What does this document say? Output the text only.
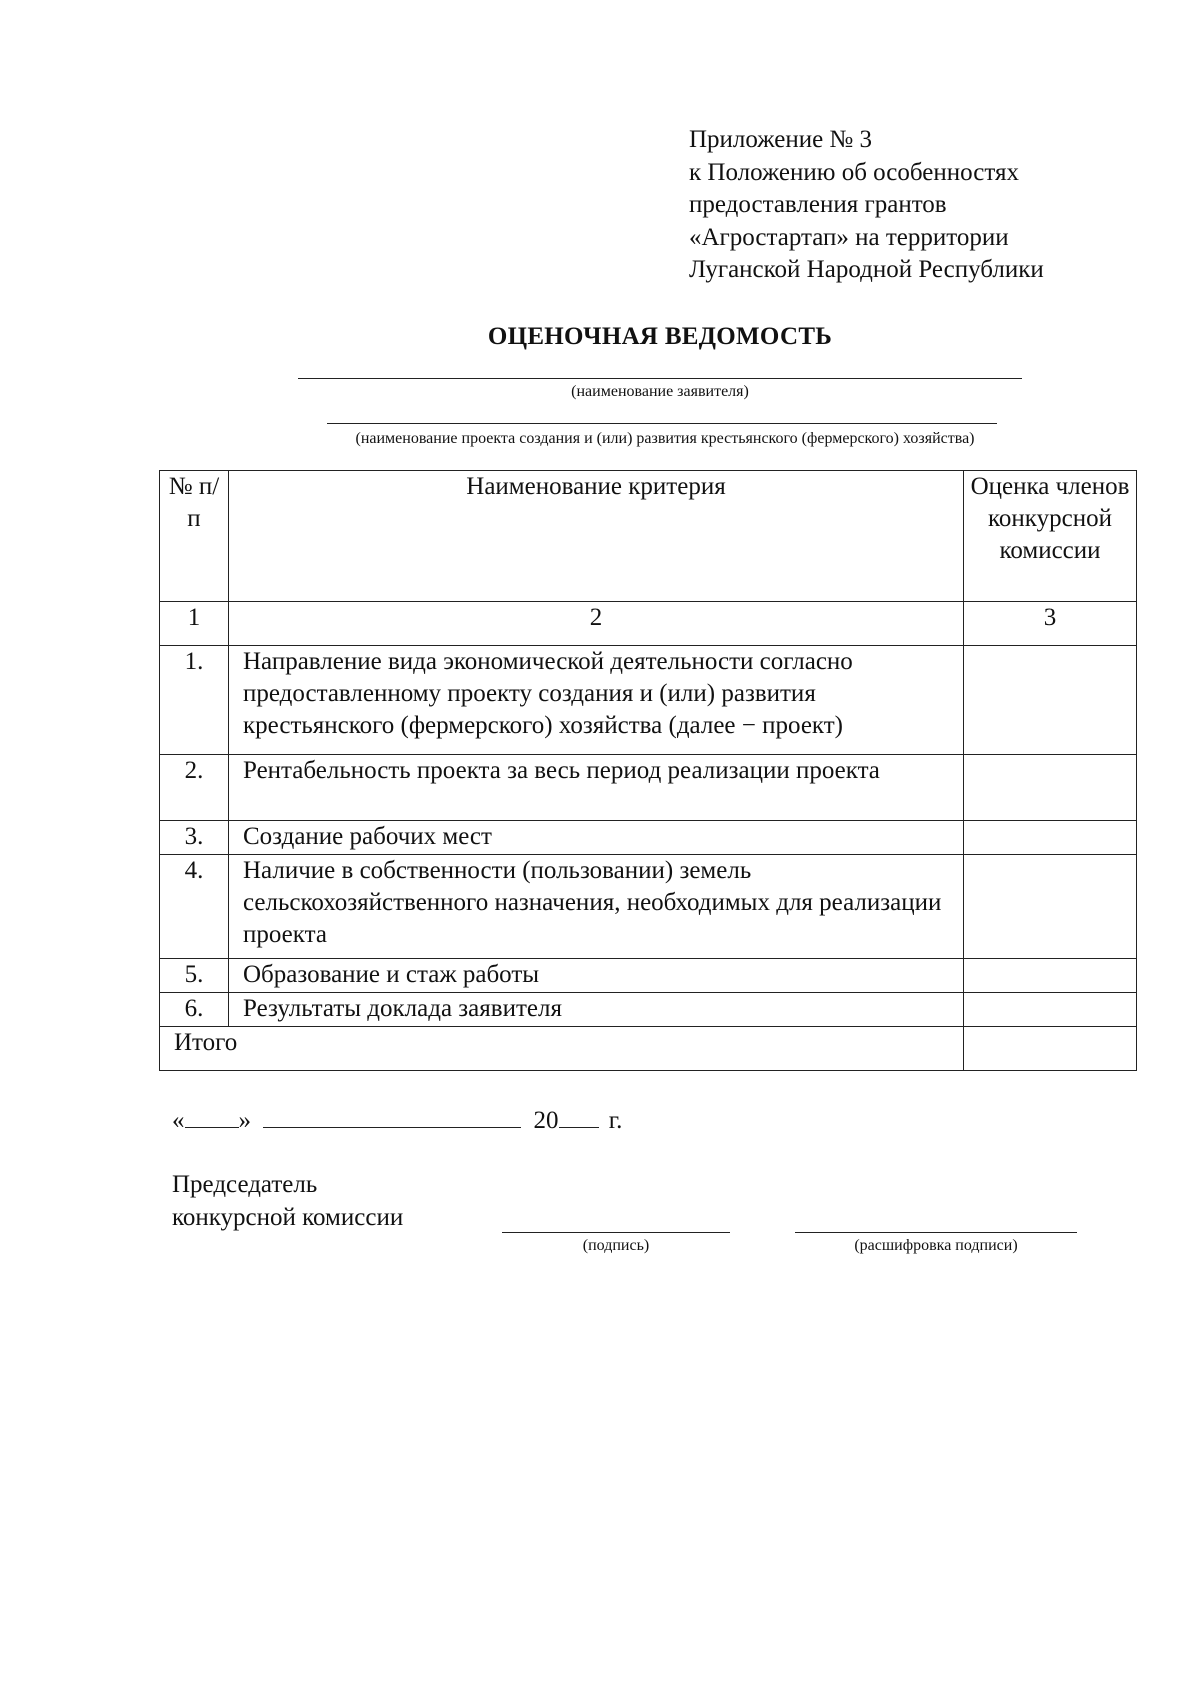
Приложение № 3
к Положению об особенностях
предоставления грантов
«Агростартап» на территории
Луганской Народной Республики
ОЦЕНОЧНАЯ ВЕДОМОСТЬ
(наименование заявителя)
(наименование проекта создания и (или) развития крестьянского (фермерского) хозяйства)
№ п/п	Наименование критерия	Оценка членов конкурсной комиссии
1	2	3
1.	Направление вида экономической деятельности согласно предоставленному проекту создания и (или) развития крестьянского (фермерского) хозяйства (далее − проект)	
2.	Рентабельность проекта за весь период реализации проекта	
3.	Создание рабочих мест	
4.	Наличие в собственности (пользовании) земель сельскохозяйственного назначения, необходимых для реализации проекта	
5.	Образование и стаж работы	
6.	Результаты доклада заявителя	
Итого		
« »	20 г.
Председатель
конкурсной комиссии
(подпись)	(расшифровка подписи)
